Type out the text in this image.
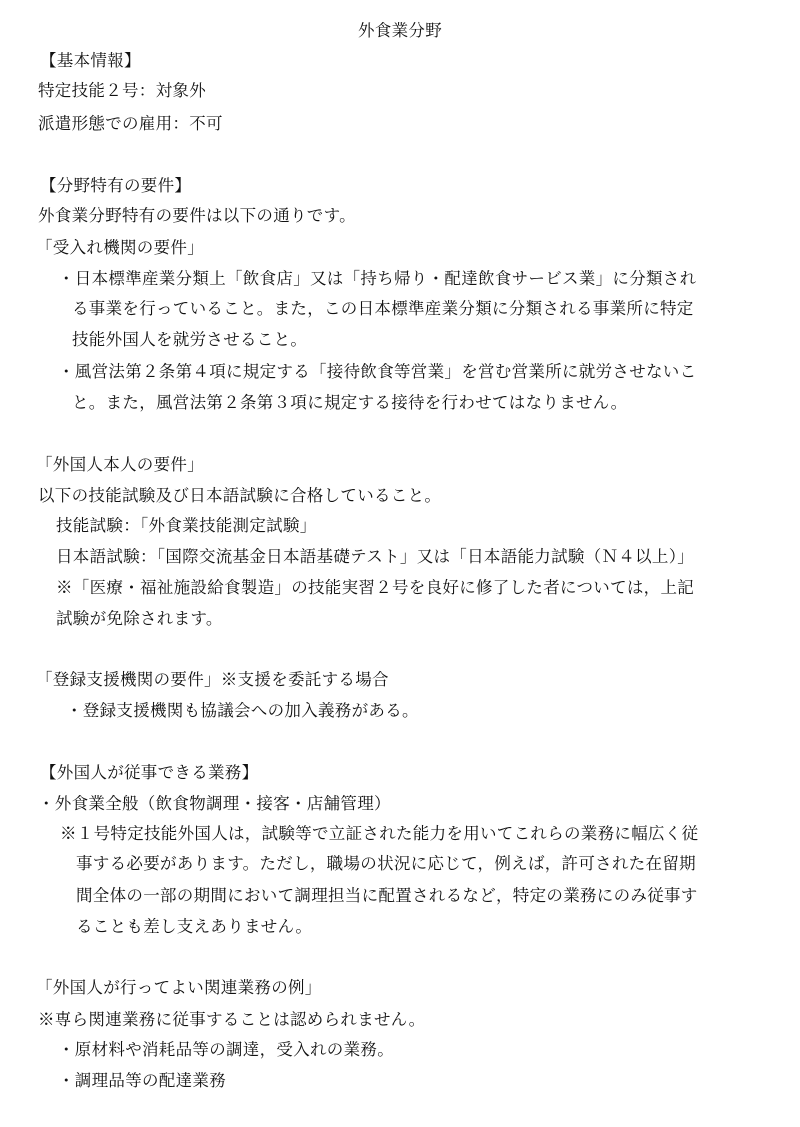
外食業分野
【基本情報】
特定技能２号：対象外
派遣形態での雇用：不可
【分野特有の要件】
外食業分野特有の要件は以下の通りです。
「受入れ機関の要件」
・日本標準産業分類上「飲食店」又は「持ち帰り・配達飲食サービス業」に分類され
る事業を行っていること。また，この日本標準産業分類に分類される事業所に特定
技能外国人を就労させること。
・風営法第２条第４項に規定する「接待飲食等営業」を営む営業所に就労させないこ
と。また，風営法第２条第３項に規定する接待を行わせてはなりません。
「外国人本人の要件」
以下の技能試験及び日本語試験に合格していること。
技能試験：「外食業技能測定試験」
日本語試験：「国際交流基金日本語基礎テスト」又は「日本語能力試験（Ｎ４以上）」
※「医療・福祉施設給食製造」の技能実習２号を良好に修了した者については，上記
試験が免除されます。
「登録支援機関の要件」※支援を委託する場合
・登録支援機関も協議会への加入義務がある。
【外国人が従事できる業務】
・外食業全般（飲食物調理・接客・店舗管理）
※１号特定技能外国人は，試験等で立証された能力を用いてこれらの業務に幅広く従
事する必要があります。ただし，職場の状況に応じて，例えば，許可された在留期
間全体の一部の期間において調理担当に配置されるなど，特定の業務にのみ従事す
ることも差し支えありません。
「外国人が行ってよい関連業務の例」
※専ら関連業務に従事することは認められません。
・原材料や消耗品等の調達，受入れの業務。
・調理品等の配達業務
